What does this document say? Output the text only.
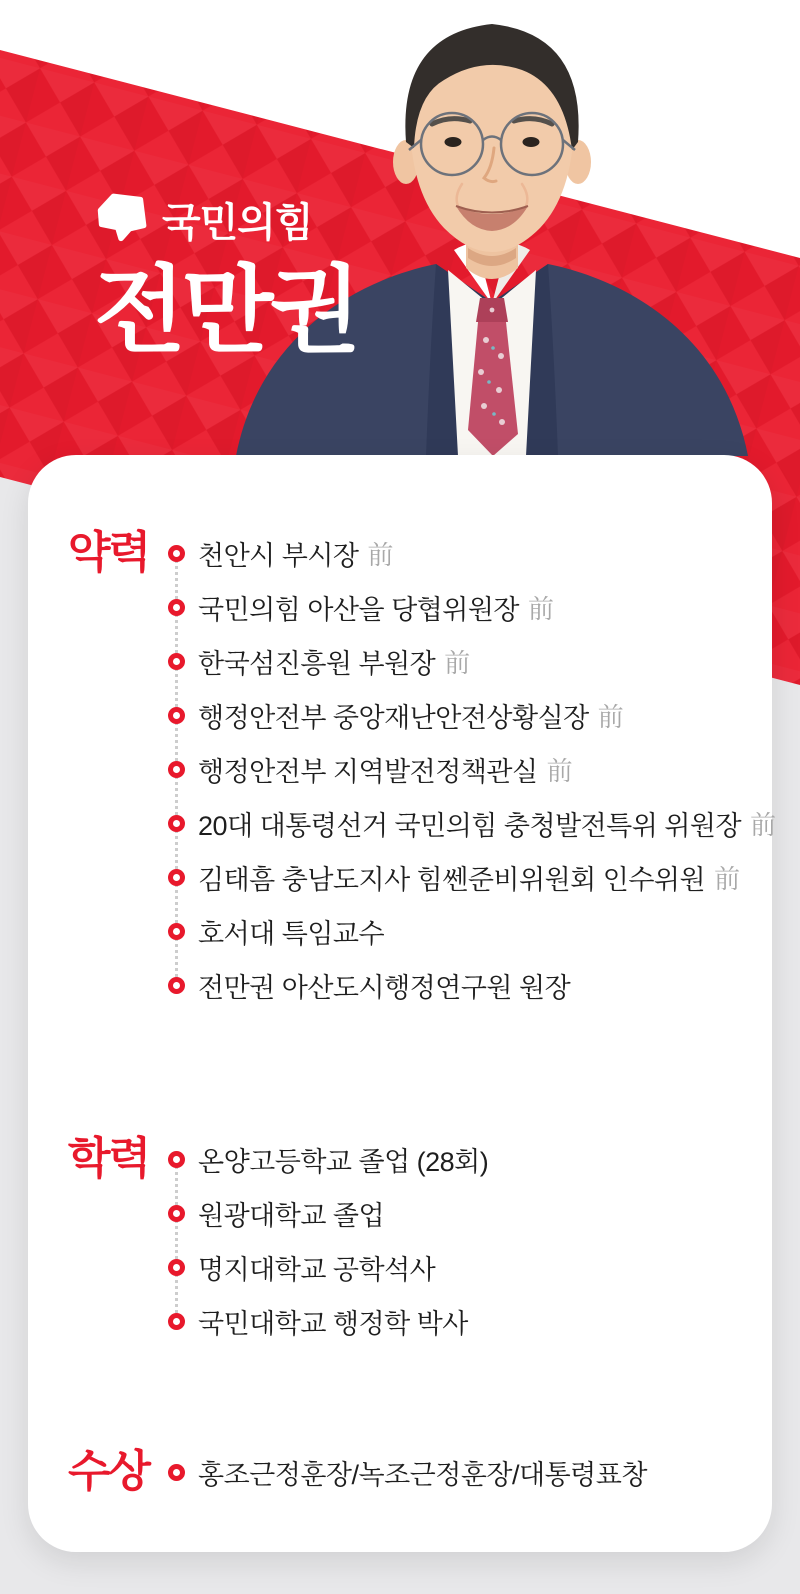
국민의힘
전만권
약력	천안시 부시장 前
국민의힘 아산을 당협위원장 前
한국섬진흥원 부원장 前
행정안전부 중앙재난안전상황실장 前
행정안전부 지역발전정책관실 前
20대 대통령선거 국민의힘 충청발전특위 위원장 前
김태흠 충남도지사 힘쎈준비위원회 인수위원 前
호서대 특임교수
전만권 아산도시행정연구원 원장
학력	온양고등학교 졸업 (28회)
원광대학교 졸업
명지대학교 공학석사
국민대학교 행정학 박사
수상	홍조근정훈장/녹조근정훈장/대통령표창
